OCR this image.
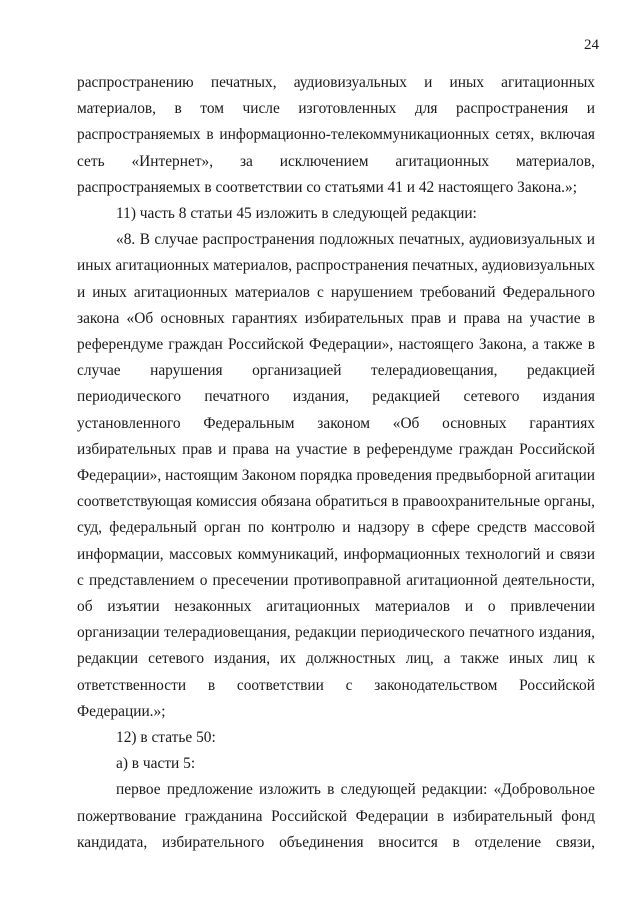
24

распространению печатных, аудиовизуальных и иных агитационных материалов, в том числе изготовленных для распространения и распространяемых в информационно-телекоммуникационных сетях, включая сеть «Интернет», за исключением агитационных материалов, распространяемых в соответствии со статьями 41 и 42 настоящего Закона.»;

11) часть 8 статьи 45 изложить в следующей редакции:

«8. В случае распространения подложных печатных, аудиовизуальных и иных агитационных материалов, распространения печатных, аудиовизуальных и иных агитационных материалов с нарушением требований Федерального закона «Об основных гарантиях избирательных прав и права на участие в референдуме граждан Российской Федерации», настоящего Закона, а также в случае нарушения организацией телерадиовещания, редакцией периодического печатного издания, редакцией сетевого издания установленного Федеральным законом «Об основных гарантиях избирательных прав и права на участие в референдуме граждан Российской Федерации», настоящим Законом порядка проведения предвыборной агитации соответствующая комиссия обязана обратиться в правоохранительные органы, суд, федеральный орган по контролю и надзору в сфере средств массовой информации, массовых коммуникаций, информационных технологий и связи с представлением о пресечении противоправной агитационной деятельности, об изъятии незаконных агитационных материалов и о привлечении организации телерадиовещания, редакции периодического печатного издания, редакции сетевого издания, их должностных лиц, а также иных лиц к ответственности в соответствии с законодательством Российской Федерации.»;

12) в статье 50:

а) в части 5:

первое предложение изложить в следующей редакции: «Добровольное пожертвование гражданина Российской Федерации в избирательный фонд кандидата, избирательного объединения вносится в отделение связи,
